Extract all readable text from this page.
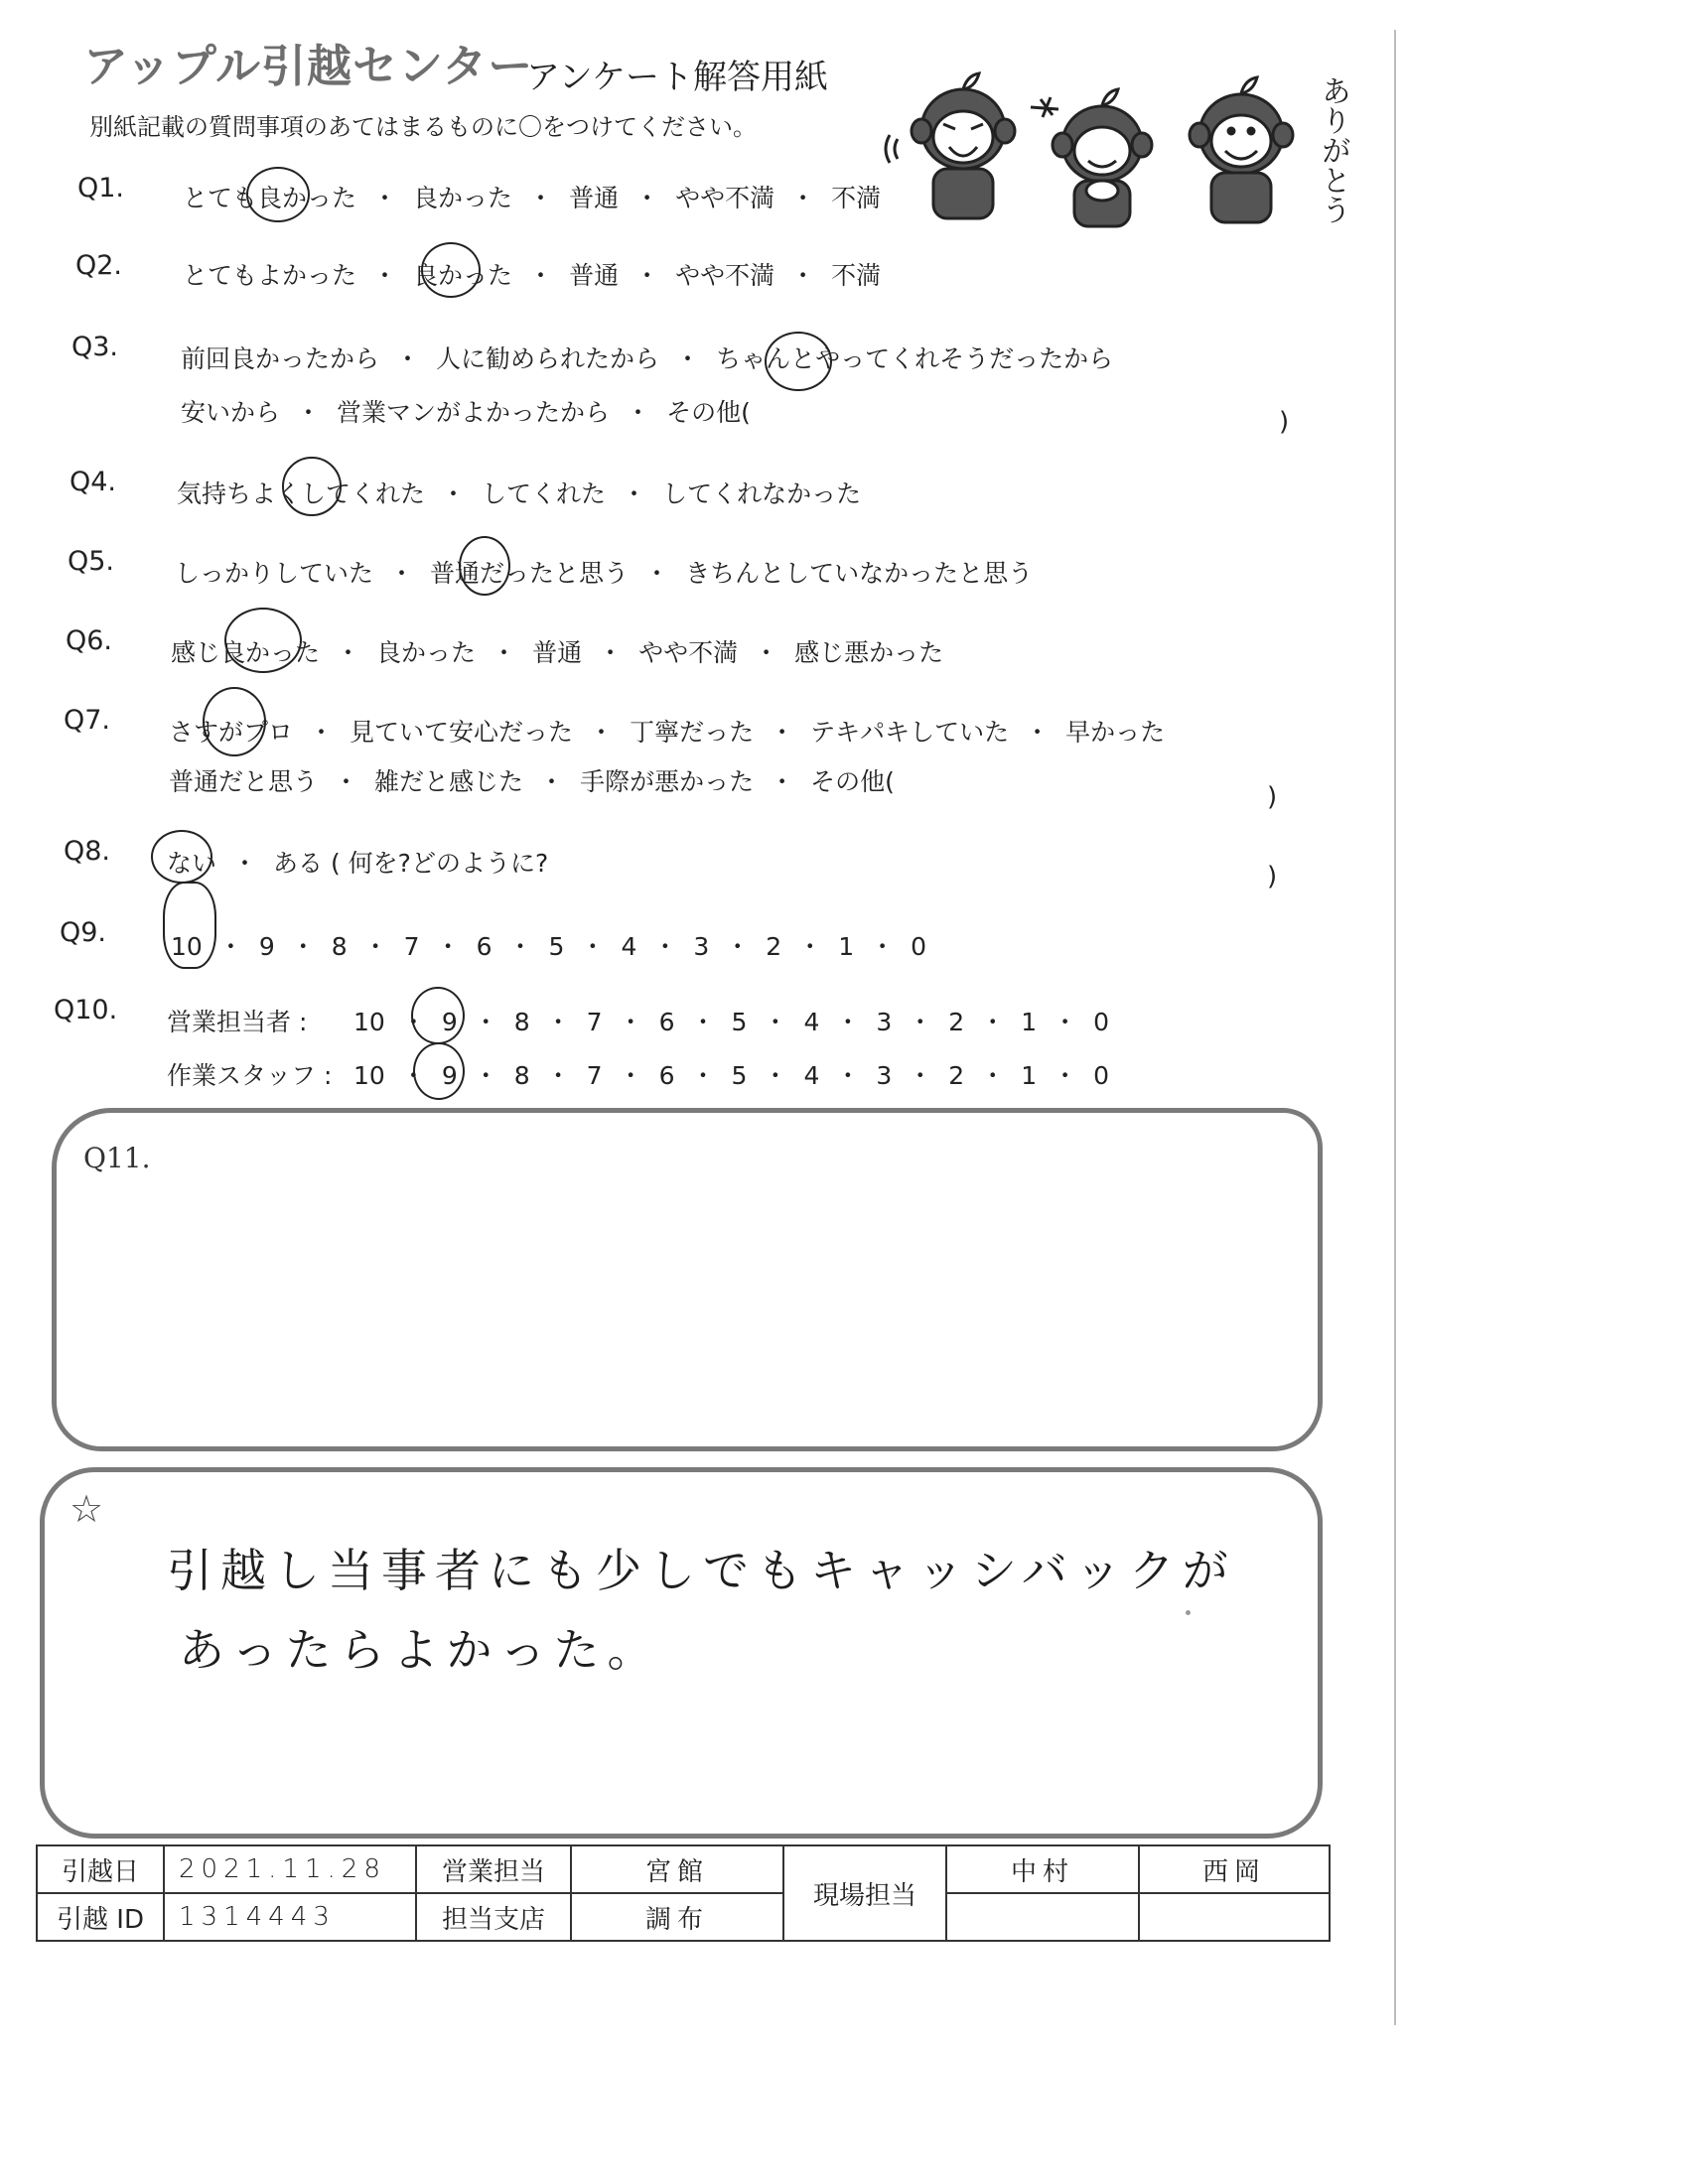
アップル引越センター
アンケート解答用紙
別紙記載の質問事項のあてはまるものに〇をつけてください。	ありがとう
Q1. とても良かった ・ 良かった ・ 普通 ・ やや不満 ・ 不満
Q2. とてもよかった ・ 良かった ・ 普通 ・ やや不満 ・ 不満
Q3.	前回良かったから ・ 人に勧められたから ・ ちゃんとやってくれそうだったから
安いから ・ 営業マンがよかったから ・ その他(	)
Q4. 気持ちよくしてくれた ・ してくれた ・ してくれなかった
Q5. しっかりしていた ・ 普通だったと思う ・ きちんとしていなかったと思う
Q6. 感じ良かった ・ 良かった ・ 普通 ・ やや不満 ・ 感じ悪かった
Q7. さすがプロ ・ 見ていて安心だった ・ 丁寧だった ・ テキパキしていた ・ 早かった
普通だと思う ・ 雑だと感じた ・ 手際が悪かった ・ その他(
)
Q8. ない ・ ある ( 何を?どのように?	)
Q9.	10 ・ 9 ・ 8 ・ 7 ・ 6 ・ 5 ・ 4 ・ 3 ・ 2 ・ 1 ・ 0
Q10. 営業担当者 : 10 ・ 9 ・ 8 ・ 7 ・ 6 ・ 5 ・ 4 ・ 3 ・ 2 ・ 1 ・ 0
作業スタッフ : 10 ・ 9 ・ 8 ・ 7 ・ 6 ・ 5 ・ 4 ・ 3 ・ 2 ・ 1 ・ 0
Q11.
☆
引越し当事者にも少しでもキャッシバックが
あったらよかった。
引越日	2021.11.28	営業担当	宮館	現場担当	中村	西岡
引越 ID	1314443	担当支店	調布			
